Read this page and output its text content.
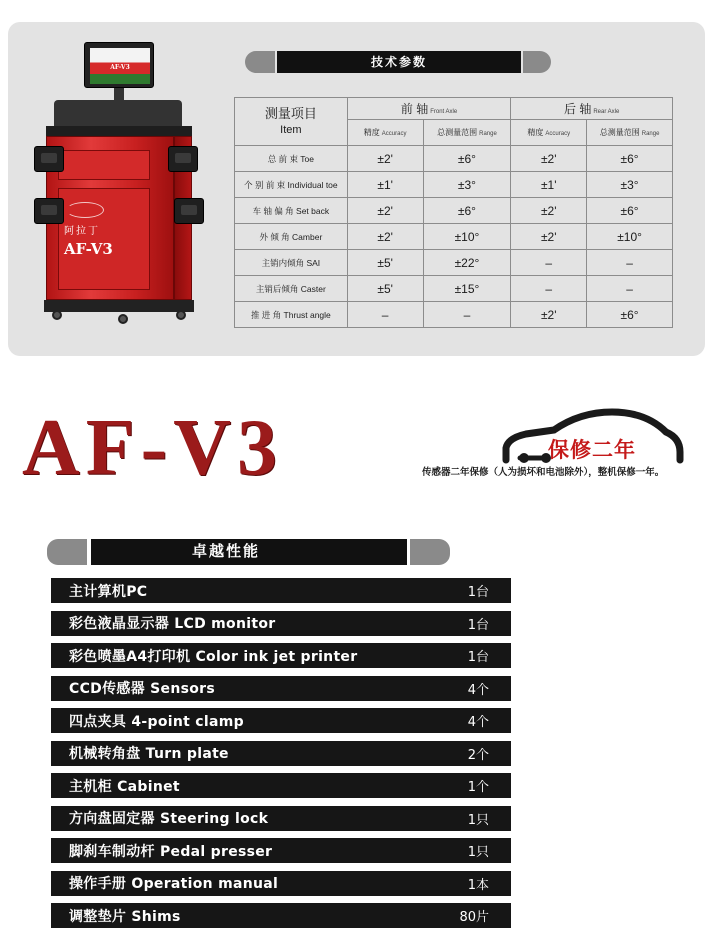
AF-V3
阿拉丁
AF-V3
技术参数
测量项目
Item	前 轴 Front Axle		后 轴 Rear Axle	
	精度 Accuracy	总测量范围 Range	精度 Accuracy	总测量范围 Range
总 前 束 Toe	±2'	±6°	±2'	±6°
个 别 前 束 Individual toe	±1'	±3°	±1'	±3°
车 轴 偏 角 Set back	±2'	±6°	±2'	±6°
外 倾 角 Camber	±2'	±10°	±2'	±10°
主销内倾角 SAI	±5'	±22°	–	–
主销后倾角 Caster	±5'	±15°	–	–
推 进 角 Thrust angle	–	–	±2'	±6°
AF-V3	保修二年
传感器二年保修（人为损坏和电池除外），整机保修一年。
卓越性能
主计算机PC	1台
彩色液晶显示器 LCD monitor	1台
彩色喷墨A4打印机 Color ink jet printer	1台
CCD传感器 Sensors	4个
四点夹具 4-point clamp	4个
机械转角盘 Turn plate	2个
主机柜 Cabinet	1个
方向盘固定器 Steering lock	1只
脚刹车制动杆 Pedal presser	1只
操作手册 Operation manual	1本
调整垫片 Shims	80片
